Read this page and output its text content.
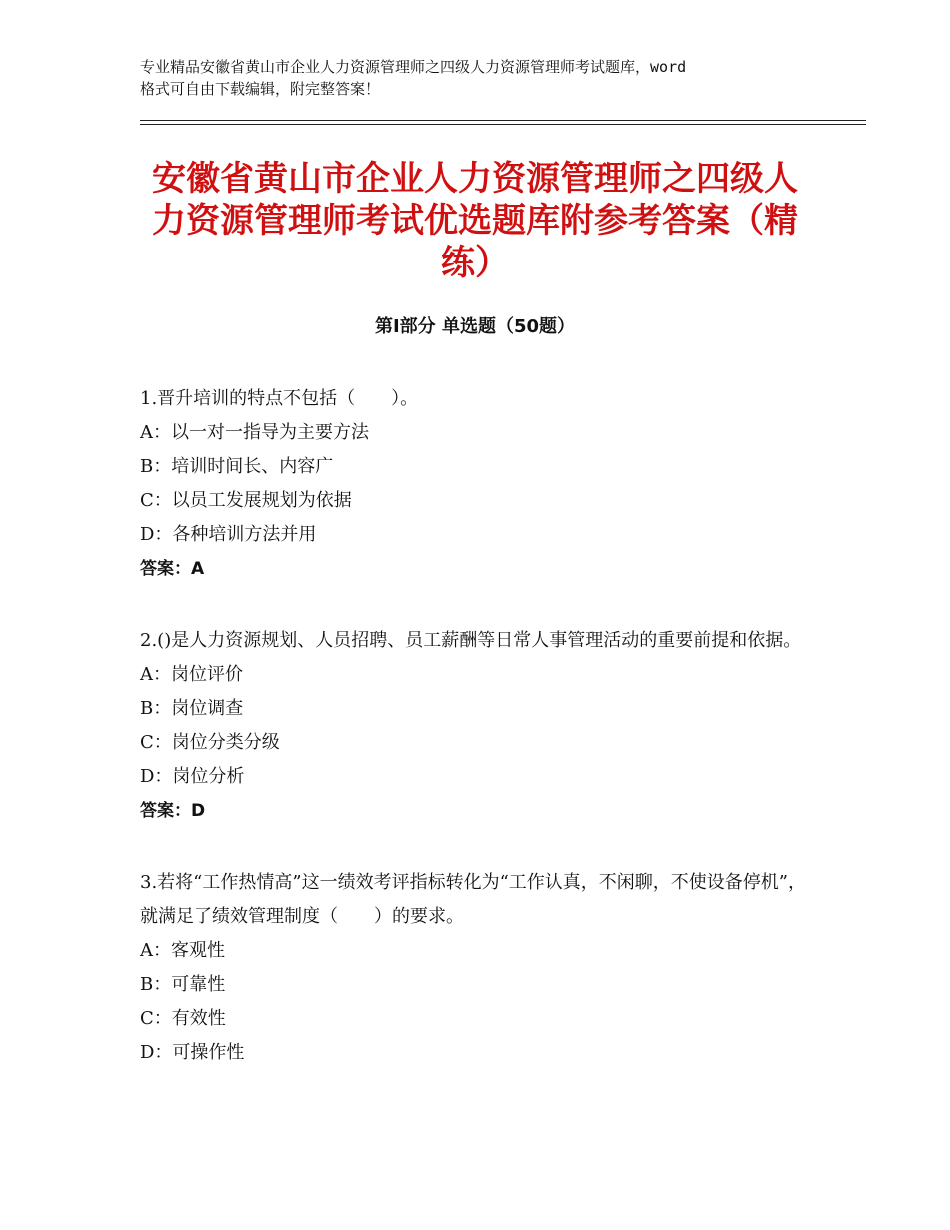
专业精品安徽省黄山市企业人力资源管理师之四级人力资源管理师考试题库，word
格式可自由下载编辑，附完整答案！
安徽省黄山市企业人力资源管理师之四级人力资源管理师考试优选题库附参考答案（精练）
第Ⅰ部分 单选题（50题）

1.晋升培训的特点不包括（　　）。

A：以一对一指导为主要方法

B：培训时间长、内容广

C：以员工发展规划为依据

D：各种培训方法并用

答案：A

2.()是人力资源规划、人员招聘、员工薪酬等日常人事管理活动的重要前提和依据。

A：岗位评价

B：岗位调查

C：岗位分类分级

D：岗位分析

答案：D

3.若将“工作热情高”这一绩效考评指标转化为“工作认真，不闲聊，不使设备停机”，就满足了绩效管理制度（　　）的要求。

A：客观性

B：可靠性

C：有效性

D：可操作性
